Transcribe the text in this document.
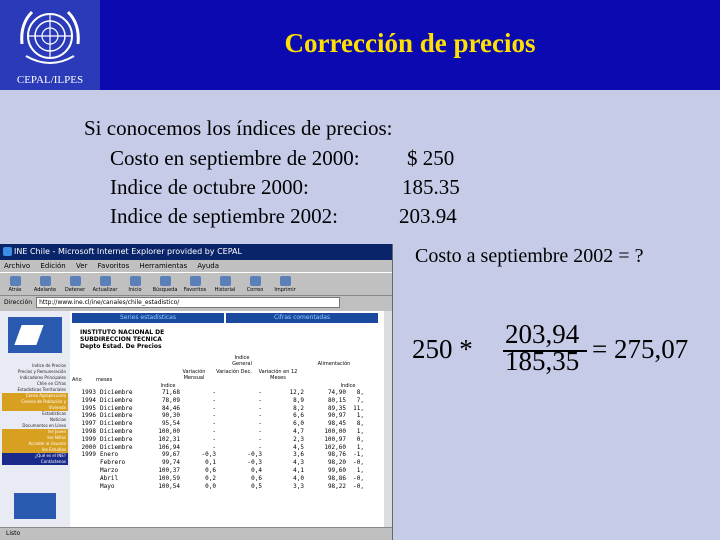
CEPAL/ILPES
Corrección de precios
Si conocemos los índices de precios:
Costo en septiembre de 2000: $ 250
Indice de octubre 2000:	185.35
Indice de septiembre 2002:	203.94
Costo a septiembre 2002 = ?
250 * 203,94
185,35 = 275,07
INE Chile - Microsoft Internet Explorer provided by CEPAL
Archivo Edición Ver Favoritos Herramientas Ayuda
Atrás Adelante Detener Actualizar Inicio Búsqueda Favoritos Historial Correo Imprimir
Dirección	http://www.ine.cl/ine/canales/chile_estadistico/
Indice de Precios
Precios y Remuneración
Indicadores Principales
Chile en Cifras
Estadísticas Territoriales
Censo Agropecuario
Censos de Población y Vivienda
Estadísticas
Noticias
Documentos en Línea
Ine Joven
Ine Niños
Acceder al Usuario
Ine Estudios
¿Qué es el INE?
Contáctenos
Series estadísticas	Cifras comentadas
INSTITUTO NACIONAL DE
SUBDIRECCION TECNICA
Depto Estad. De Precios
Año	meses
Indice General
Variación Mensual
Variación Dec.	Variación en 12 Meses
Alimentación
Indice	Indice
1993 Diciembre	71,68	-	-	12,2	74,90	8,
1994 Diciembre	78,09	-	-	8,9	80,15	7,
1995 Diciembre	84,46	-	-	8,2	89,35	11,
1996 Diciembre	90,30	-	-	6,6	90,97	1,
1997 Diciembre	95,54	-	-	6,0	98,45	8,
1998 Diciembre	100,00	-	-	4,7	100,00	1,
1999 Diciembre	102,31	-	-	2,3	100,97	0,
2000 Diciembre	106,94	-	-	4,5	102,60	1,
1999 Enero	99,67	-0,3	-0,3	3,6	98,76	-1,
Febrero	99,74	0,1	-0,3	4,3	98,20	-0,
Marzo	100,37	0,6	0,4	4,1	99,60	1,
Abril	100,59	0,2	0,6	4,0	98,86	-0,
Mayo	100,54	0,0	0,5	3,3	98,22	-0,
Listo
